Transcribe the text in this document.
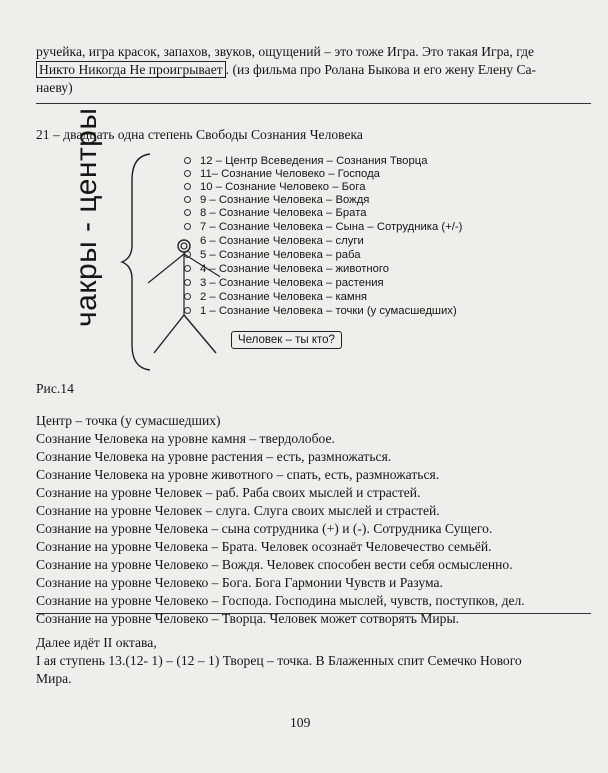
ручейка, игра красок, запахов, звуков, ощущений – это тоже Игра. Это такая Игра, где
Никто Никогда Не проигрывает . (из фильма про Ролана Быкова и его жену Елену Са-
наеву)
21 – двадцать одна степень Свободы Сознания Человека
чакры - центры	12 – Центр Всеведения – Сознания Творца
11– Сознание Человеко – Господа
10 – Сознание Человеко – Бога
9 – Сознание Человека – Вождя
8 – Сознание Человека – Брата
7 – Сознание Человека – Сына – Сотрудника (+/-)
6 – Сознание Человека – слуги
5 – Сознание Человека – раба
4 – Сознание Человека – животного
3 – Сознание Человека – растения
2 – Сознание Человека – камня
1 – Сознание Человека – точки (у сумасшедших)
Человек – ты кто?
Рис.14
Центр – точка (у сумасшедших)
Сознание Человека на уровне камня – твердолобое.
Сознание Человека на уровне растения – есть, размножаться.
Сознание Человека на уровне животного – спать, есть, размножаться.
Сознание на уровне Человек – раб. Раба своих мыслей и страстей.
Сознание на уровне Человек – слуга. Слуга своих мыслей и страстей.
Сознание на уровне Человека – сына сотрудника (+) и (-). Сотрудника Сущего.
Сознание на уровне Человека – Брата. Человек осознаёт Человечество семьёй.
Сознание на уровне Человеко – Вождя. Человек способен вести себя осмысленно.
Сознание на уровне Человеко – Бога. Бога Гармонии Чувств и Разума.
Сознание на уровне Человеко – Господа. Господина мыслей, чувств, поступков, дел.
Сознание на уровне Человеко – Творца. Человек может сотворять Миры.
Далее идёт II октава,
I ая ступень 13.(12- 1) – (12 – 1) Творец – точка. В Блаженных спит Семечко Нового
Мира.
109
